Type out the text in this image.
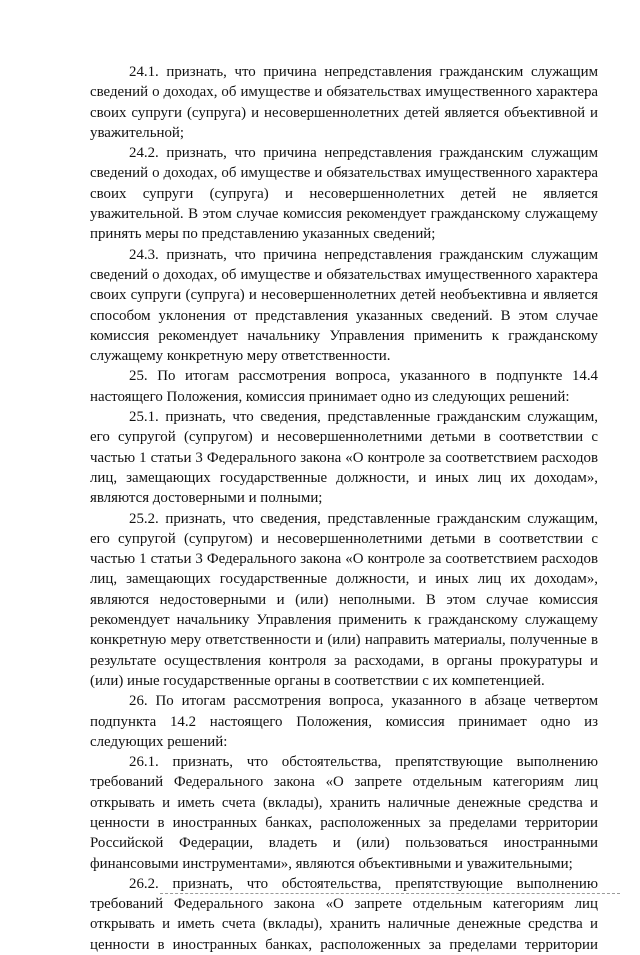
24.1. признать, что причина непредставления гражданским служащим сведений о доходах, об имуществе и обязательствах имущественного характера своих супруги (супруга) и несовершеннолетних детей является объективной и уважительной;

24.2. признать, что причина непредставления гражданским служащим сведений о доходах, об имуществе и обязательствах имущественного характера своих супруги (супруга) и несовершеннолетних детей не является уважительной. В этом случае комиссия рекомендует гражданскому служащему принять меры по представлению указанных сведений;

24.3. признать, что причина непредставления гражданским служащим сведений о доходах, об имуществе и обязательствах имущественного характера своих супруги (супруга) и несовершеннолетних детей необъективна и является способом уклонения от представления указанных сведений. В этом случае комиссия рекомендует начальнику Управления применить к гражданскому служащему конкретную меру ответственности.

25. По итогам рассмотрения вопроса, указанного в подпункте 14.4 настоящего Положения, комиссия принимает одно из следующих решений:

25.1. признать, что сведения, представленные гражданским служащим, его супругой (супругом) и несовершеннолетними детьми в соответствии с частью 1 статьи 3 Федерального закона «О контроле за соответствием расходов лиц, замещающих государственные должности, и иных лиц их доходам», являются достоверными и полными;

25.2. признать, что сведения, представленные гражданским служащим, его супругой (супругом) и несовершеннолетними детьми в соответствии с частью 1 статьи 3 Федерального закона «О контроле за соответствием расходов лиц, замещающих государственные должности, и иных лиц их доходам», являются недостоверными и (или) неполными. В этом случае комиссия рекомендует начальнику Управления применить к гражданскому служащему конкретную меру ответственности и (или) направить материалы, полученные в результате осуществления контроля за расходами, в органы прокуратуры и (или) иные государственные органы в соответствии с их компетенцией.

26. По итогам рассмотрения вопроса, указанного в абзаце четвертом подпункта 14.2 настоящего Положения, комиссия принимает одно из следующих решений:

26.1. признать, что обстоятельства, препятствующие выполнению требований Федерального закона «О запрете отдельным категориям лиц открывать и иметь счета (вклады), хранить наличные денежные средства и ценности в иностранных банках, расположенных за пределами территории Российской Федерации, владеть и (или) пользоваться иностранными финансовыми инструментами», являются объективными и уважительными;

26.2. признать, что обстоятельства, препятствующие выполнению требований Федерального закона «О запрете отдельным категориям лиц открывать и иметь счета (вклады), хранить наличные денежные средства и ценности в иностранных банках, расположенных за пределами территории
